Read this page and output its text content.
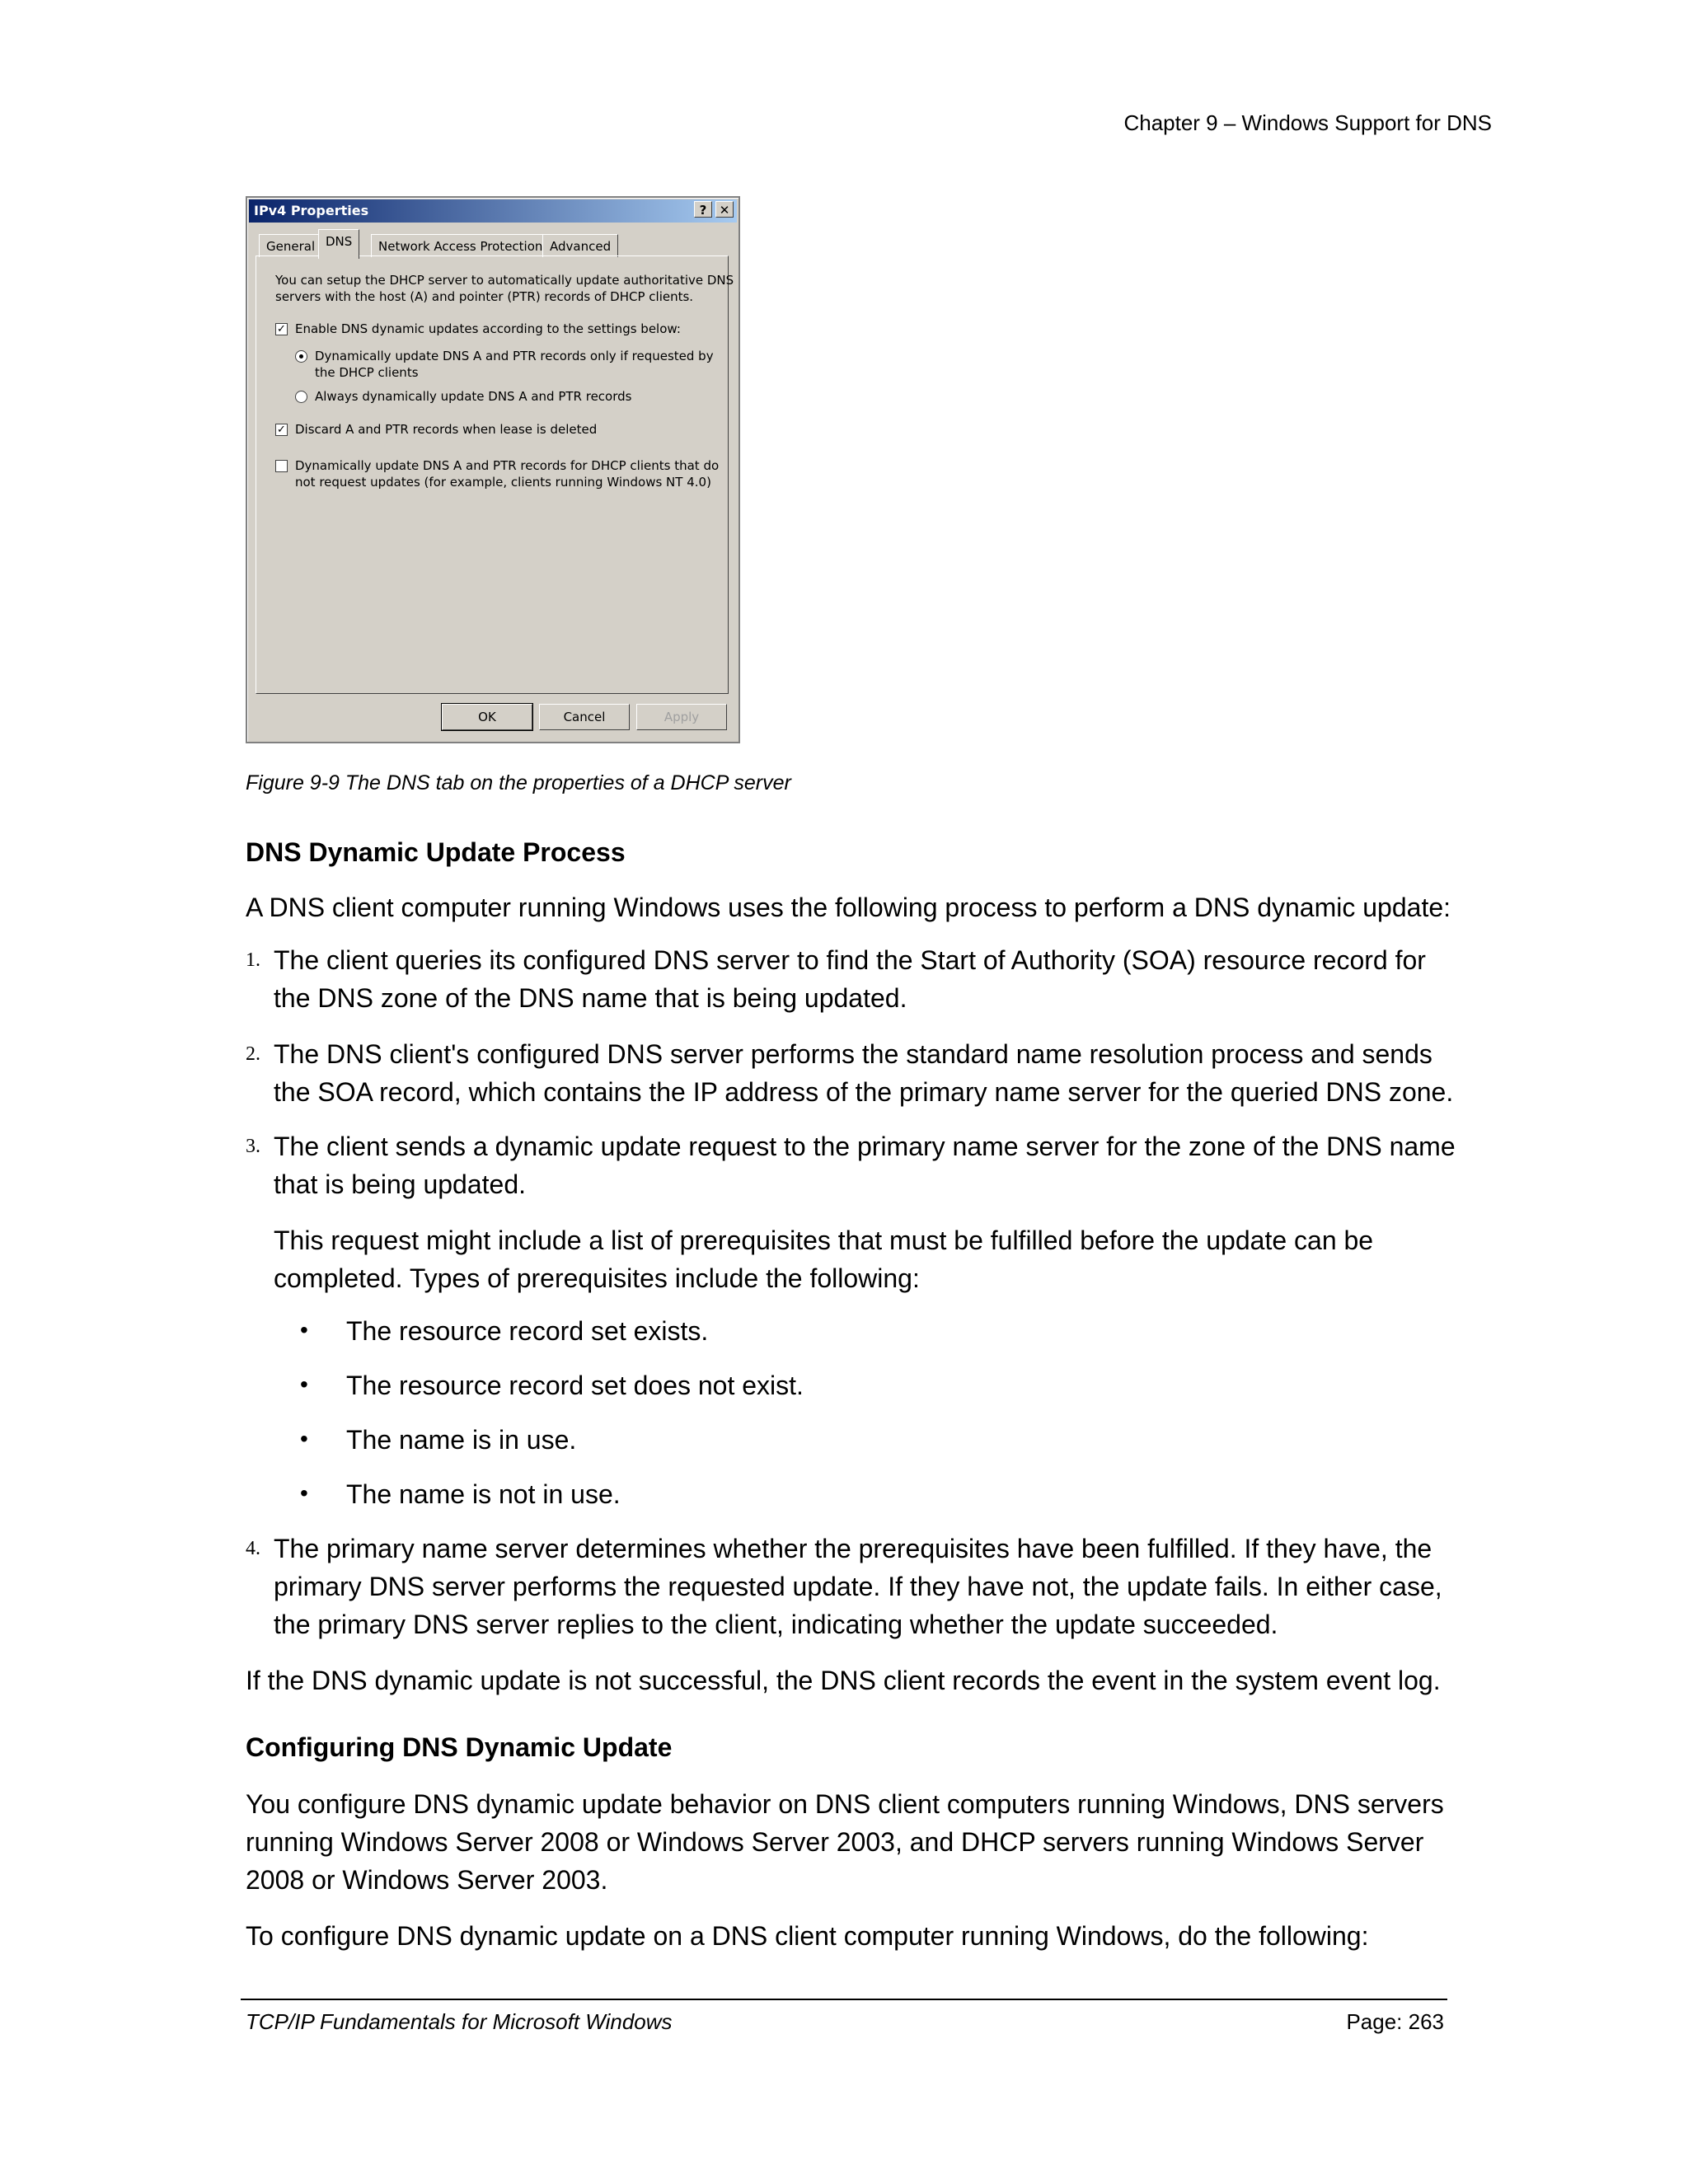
Chapter 9 – Windows Support for DNS
IPv4 Properties	?	✕
General DNS	Network Access Protection Advanced
You can setup the DHCP server to automatically update authoritative DNS
servers with the host (A) and pointer (PTR) records of DHCP clients.
✓ Enable DNS dynamic updates according to the settings below:
Dynamically update DNS A and PTR records only if requested by
the DHCP clients
Always dynamically update DNS A and PTR records
✓ Discard A and PTR records when lease is deleted
Dynamically update DNS A and PTR records for DHCP clients that do
not request updates (for example, clients running Windows NT 4.0)
OK	Cancel	Apply
Figure 9-9 The DNS tab on the properties of a DHCP server
DNS Dynamic Update Process
A DNS client computer running Windows uses the following process to perform a DNS dynamic update:
1. The client queries its configured DNS server to find the Start of Authority (SOA) resource record for
the DNS zone of the DNS name that is being updated.
2. The DNS client's configured DNS server performs the standard name resolution process and sends
the SOA record, which contains the IP address of the primary name server for the queried DNS zone.
3. The client sends a dynamic update request to the primary name server for the zone of the DNS name
that is being updated.
This request might include a list of prerequisites that must be fulfilled before the update can be
completed. Types of prerequisites include the following:
• The resource record set exists.
• The resource record set does not exist.
• The name is in use.
• The name is not in use.
4. The primary name server determines whether the prerequisites have been fulfilled. If they have, the
primary DNS server performs the requested update. If they have not, the update fails. In either case,
the primary DNS server replies to the client, indicating whether the update succeeded.
If the DNS dynamic update is not successful, the DNS client records the event in the system event log.
Configuring DNS Dynamic Update
You configure DNS dynamic update behavior on DNS client computers running Windows, DNS servers
running Windows Server 2008 or Windows Server 2003, and DHCP servers running Windows Server
2008 or Windows Server 2003.
To configure DNS dynamic update on a DNS client computer running Windows, do the following:
TCP/IP Fundamentals for Microsoft Windows	Page: 263
